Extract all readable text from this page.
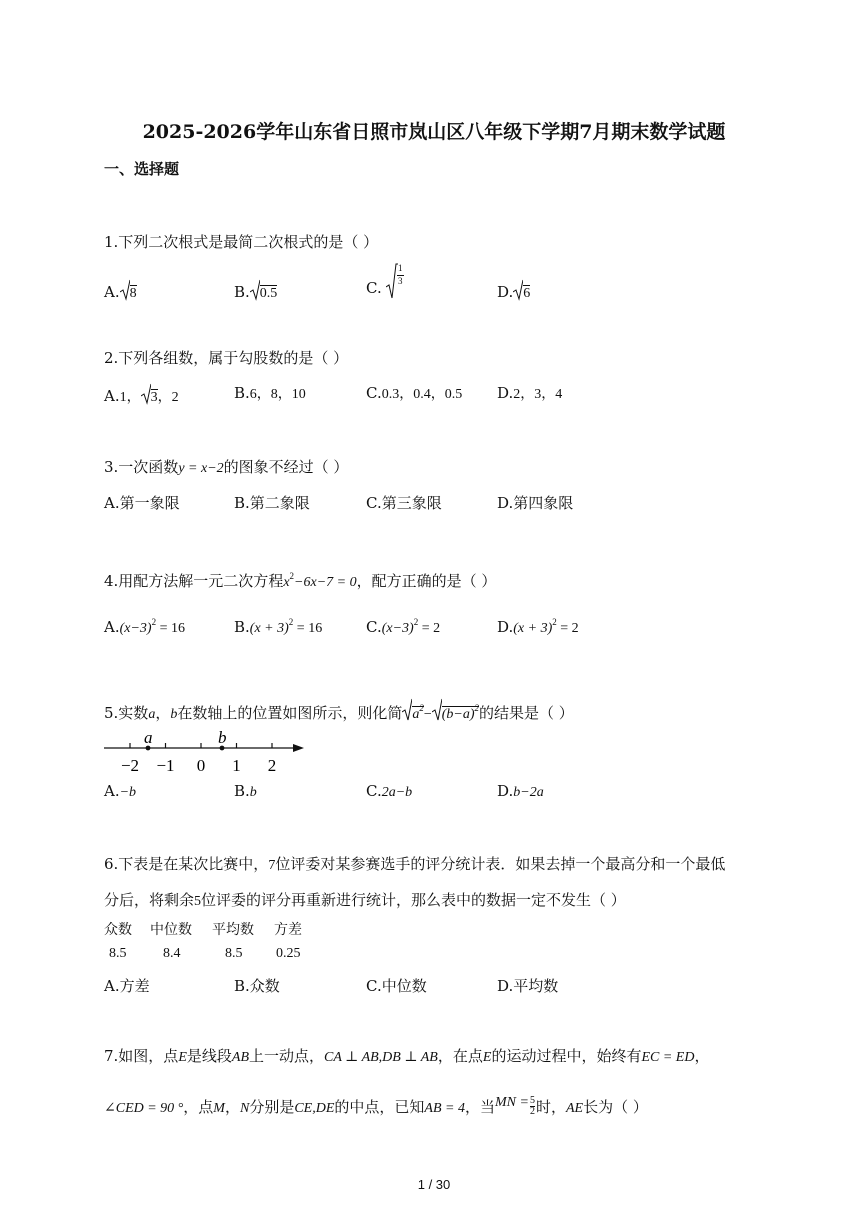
2025-2026学年山东省日照市岚山区八年级下学期7月期末数学试题
一、选择题
1.下列二次根式是最简二次根式的是（ ）
A. 8	B. 0.5	C.
1
3
D. 6
2.下列各组数，属于勾股数的是（ ）
A.1， 3，2	B.6，8，10	C.0.3，0.4，0.5 D.2，3，4
3.一次函数y = x−2的图象不经过（ ）
A.第一象限	B.第二象限	C.第三象限	D.第四象限
4.用配方法解一元二次方程$x^2-6x-7 = 0$，配方正确的是（ ）
$A.(x-3)^2 = 16$	$B.(x + 3)^2 = 16$	$C.(x-3)^2 = 2$	$D.(x + 3)^2 = 2$
5.实数a，b在数轴上的位置如图所示，则化简 $a^2- (b-a)^2$的结果是（ ）
−2 −1 0 1 2
a	b
A.−b	B.b	C.2a−b	D.b−2a
6.下表是在某次比赛中，7位评委对某参赛选手的评分统计表．如果去掉一个最高分和一个最低
分后，将剩余5位评委的评分再重新进行统计，那么表中的数据一定不发生（ ）
众数 中位数 平均数 方差
8.5	8.4	8.5 0.25
A.方差	B.众数	C.中位数	D.平均数
7.如图，点E是线段AB上一动点，CA ⊥ AB,DB ⊥ AB，在点E的运动过程中，始终有EC = ED，
∠CED = 90 °，点M，N分别是CE,DE的中点，已知AB = 4，当MN = $\frac{5}{2}$ 时，AE长为（ ）
1 / 30
